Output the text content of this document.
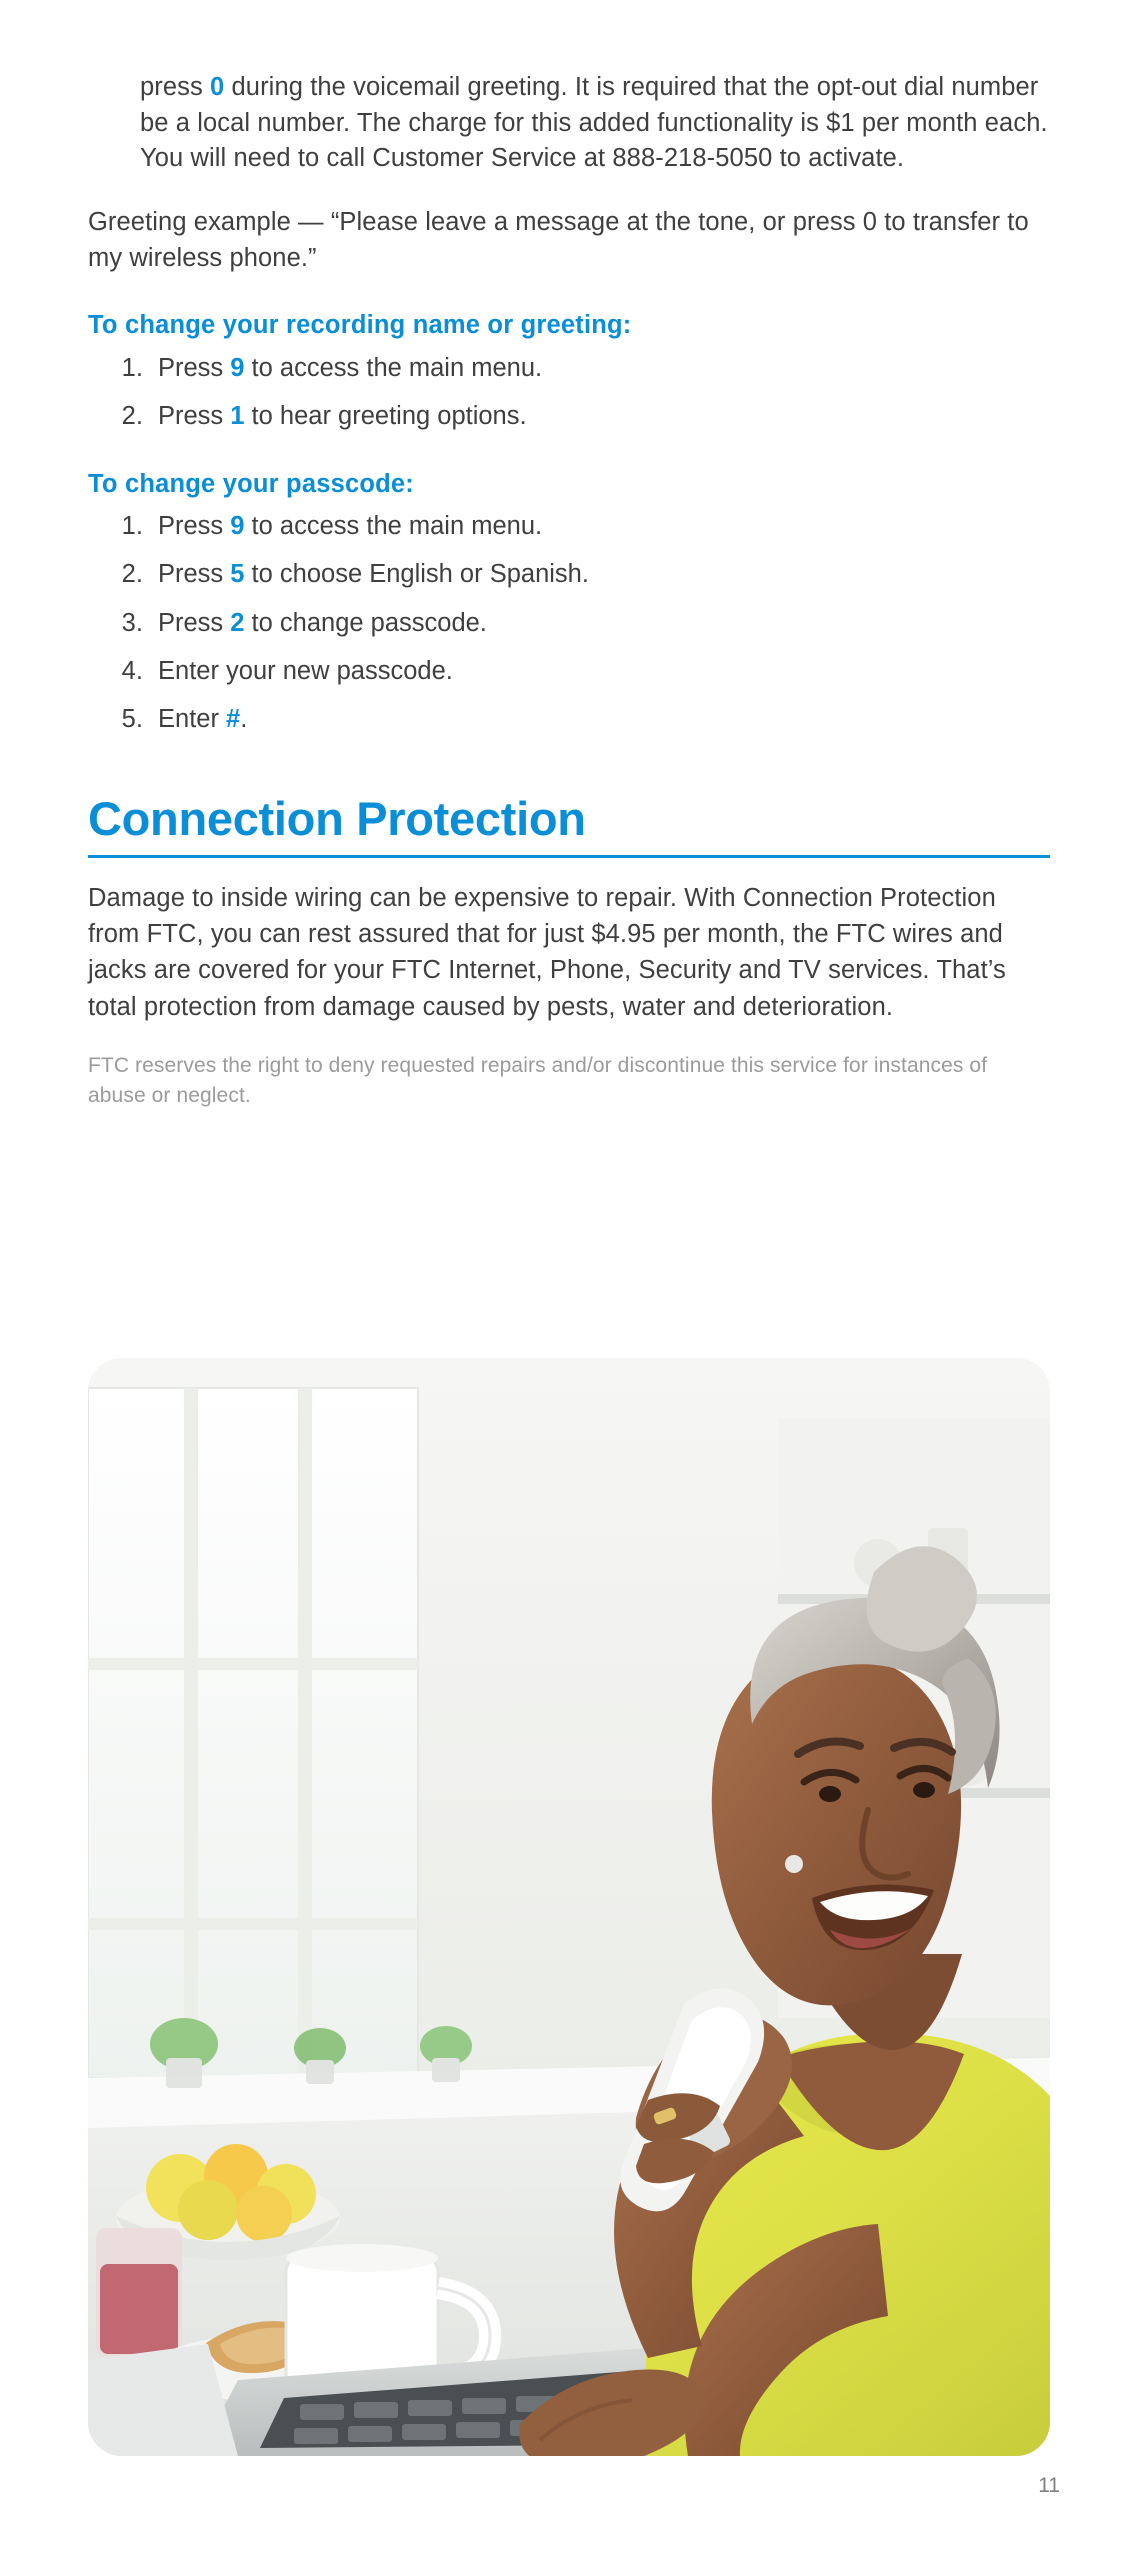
press 0 during the voicemail greeting. It is required that the opt-out dial number be a local number. The charge for this added functionality is $1 per month each. You will need to call Customer Service at 888-218-5050 to activate.

Greeting example — “Please leave a message at the tone, or press 0 to transfer to my wireless phone.”

To change your recording name or greeting:
1. Press 9 to access the main menu.
2. Press 1 to hear greeting options.
To change your passcode:
1. Press 9 to access the main menu.
2. Press 5 to choose English or Spanish.
3. Press 2 to change passcode.
4. Enter your new passcode.
5. Enter #.
Connection Protection

Damage to inside wiring can be expensive to repair. With Connection Protection from FTC, you can rest assured that for just $4.95 per month, the FTC wires and jacks are covered for your FTC Internet, Phone, Security and TV services. That’s total protection from damage caused by pests, water and deterioration.

FTC reserves the right to deny requested repairs and/or discontinue this service for instances of abuse or neglect.

11
